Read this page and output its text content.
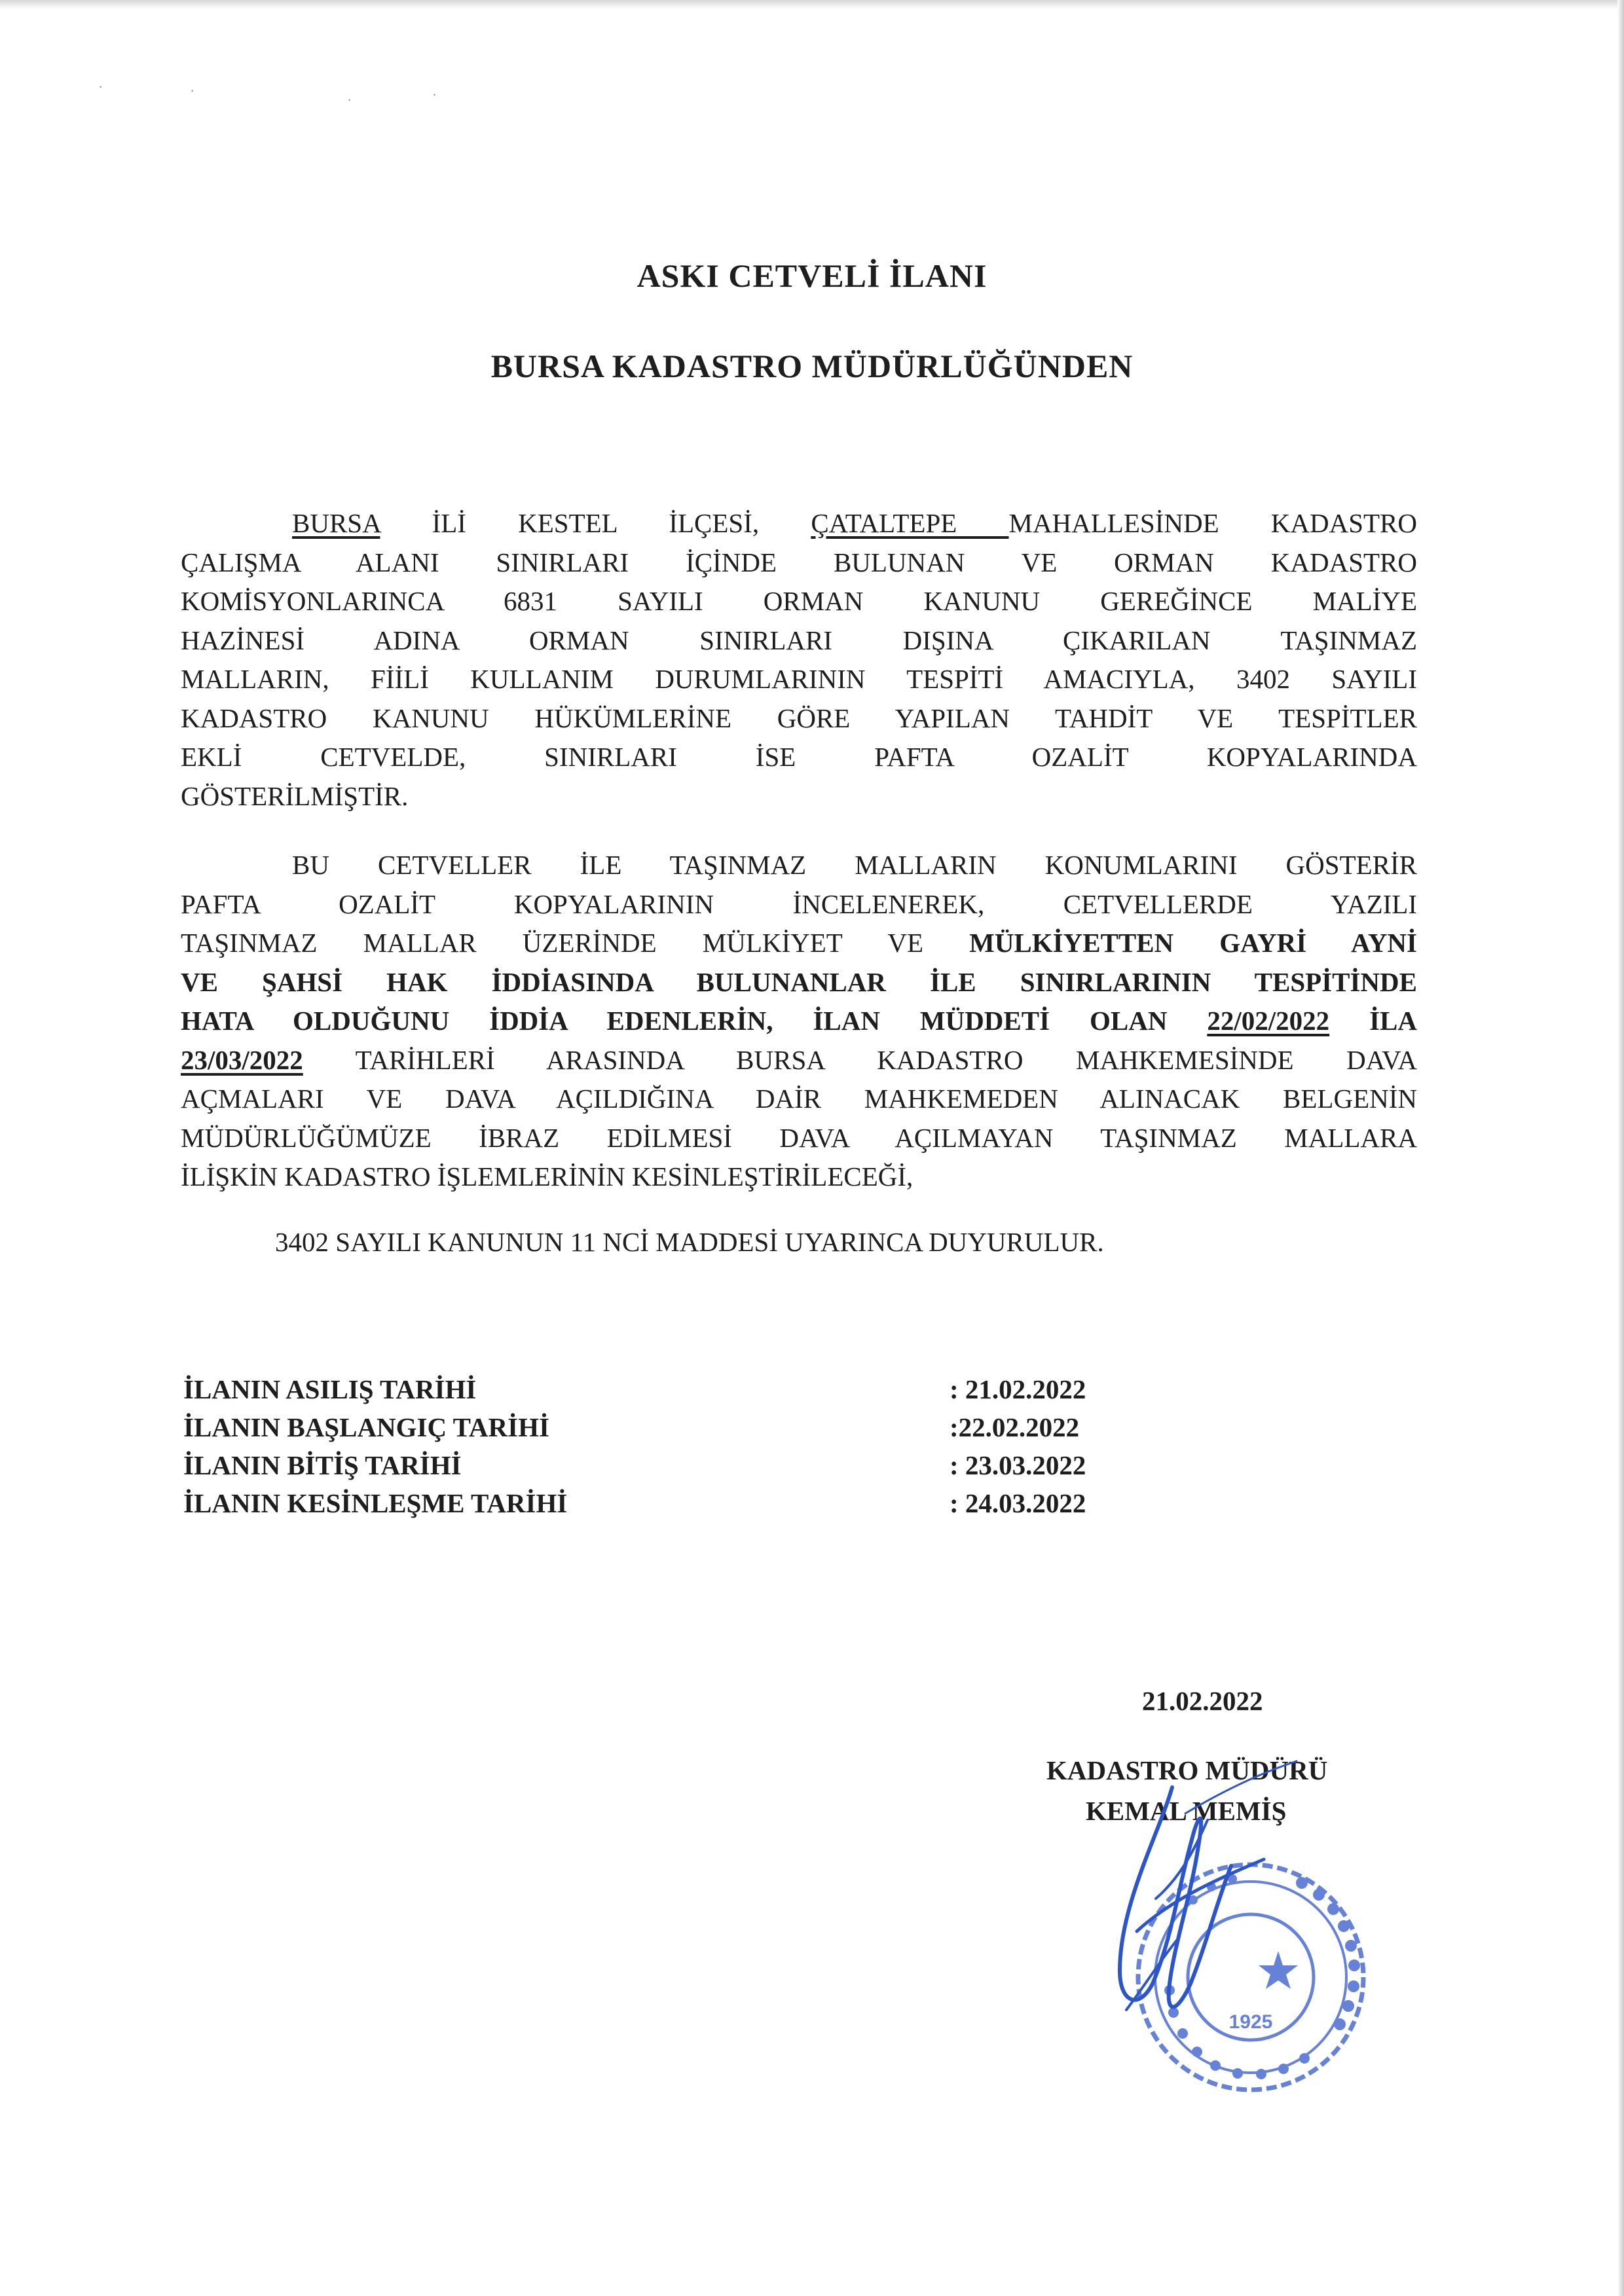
·	·
·	·
ASKI CETVELİ İLANI
BURSA KADASTRO MÜDÜRLÜĞÜNDEN
BURSA İLİ KESTEL İLÇESİ, ÇATALTEPE MAHALLESİNDE KADASTRO
ÇALIŞMA ALANI SINIRLARI İÇİNDE BULUNAN VE ORMAN KADASTRO
KOMİSYONLARINCA 6831 SAYILI ORMAN KANUNU GEREĞİNCE MALİYE
HAZİNESİ ADINA ORMAN SINIRLARI DIŞINA ÇIKARILAN TAŞINMAZ
MALLARIN, FİİLİ KULLANIM DURUMLARININ TESPİTİ AMACIYLA, 3402 SAYILI
KADASTRO KANUNU HÜKÜMLERİNE GÖRE YAPILAN TAHDİT VE TESPİTLER
EKLİ CETVELDE, SINIRLARI İSE PAFTA OZALİT KOPYALARINDA
GÖSTERİLMİŞTİR.
BU CETVELLER İLE TAŞINMAZ MALLARIN KONUMLARINI GÖSTERİR
PAFTA OZALİT KOPYALARININ İNCELENEREK, CETVELLERDE YAZILI
TAŞINMAZ MALLAR ÜZERİNDE MÜLKİYET VE MÜLKİYETTEN GAYRİ AYNİ
VE ŞAHSİ HAK İDDİASINDA BULUNANLAR İLE SINIRLARININ TESPİTİNDE
HATA OLDUĞUNU İDDİA EDENLERİN, İLAN MÜDDETİ OLAN 22/02/2022 İLA
23/03/2022 TARİHLERİ ARASINDA BURSA KADASTRO MAHKEMESİNDE DAVA
AÇMALARI VE DAVA AÇILDIĞINA DAİR MAHKEMEDEN ALINACAK BELGENİN
MÜDÜRLÜĞÜMÜZE İBRAZ EDİLMESİ DAVA AÇILMAYAN TAŞINMAZ MALLARA
İLİŞKİN KADASTRO İŞLEMLERİNİN KESİNLEŞTİRİLECEĞİ,
3402 SAYILI KANUNUN 11 NCİ MADDESİ UYARINCA DUYURULUR.
İLANIN ASILIŞ TARİHİ	: 21.02.2022
İLANIN BAŞLANGIÇ TARİHİ	:22.02.2022
İLANIN BİTİŞ TARİHİ	: 23.03.2022
İLANIN KESİNLEŞME TARİHİ	: 24.03.2022
21.02.2022
KADASTRO MÜDÜRÜ
KEMAL MEMİŞ
1925
